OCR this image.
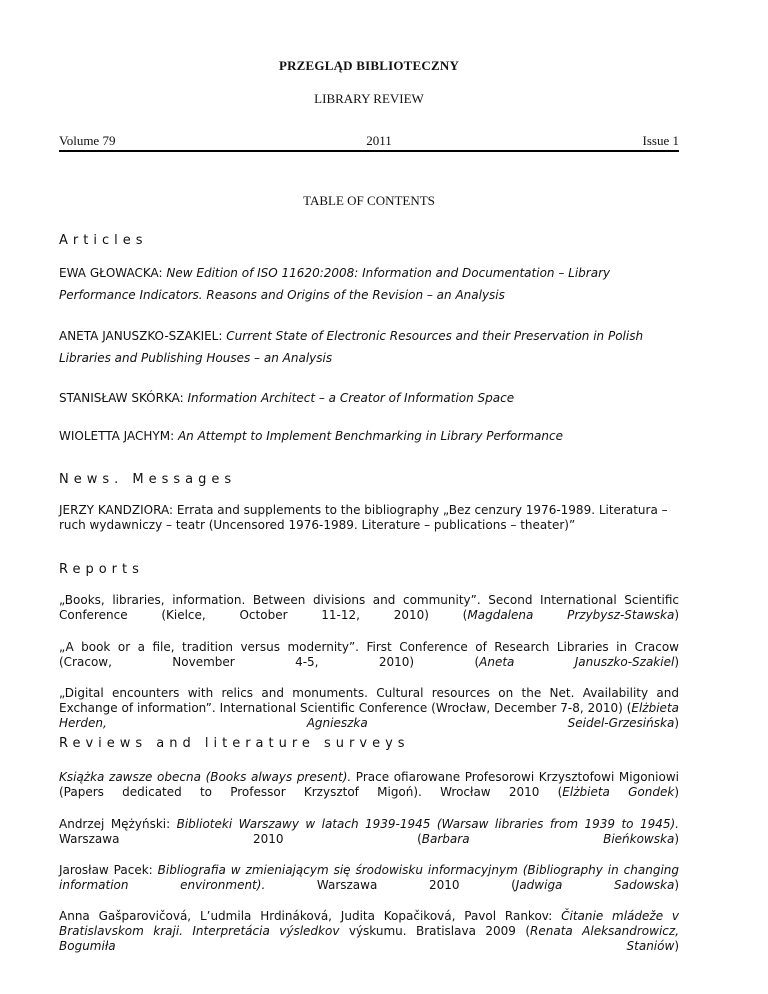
PRZEGLĄD BIBLIOTECZNY
LIBRARY REVIEW
Volume 79	2011	Issue 1
TABLE OF CONTENTS
Articles
EWA GŁOWACKA: New Edition of ISO 11620:2008: Information and Documentation – Library Performance Indicators. Reasons and Origins of the Revision – an Analysis
ANETA JANUSZKO-SZAKIEL: Current State of Electronic Resources and their Preservation in Polish Libraries and Publishing Houses – an Analysis
STANISŁAW SKÓRKA: Information Architect – a Creator of Information Space
WIOLETTA JACHYM: An Attempt to Implement Benchmarking in Library Performance
News. Messages
JERZY KANDZIORA: Errata and supplements to the bibliography „Bez cenzury 1976-1989. Literatura – ruch wydawniczy – teatr (Uncensored 1976-1989. Literature – publications – theater)”
Reports
„Books, libraries, information. Between divisions and community”. Second International Scientific Conference (Kielce, October 11-12, 2010) (Magdalena Przybysz-Stawska)
„A book or a file, tradition versus modernity”. First Conference of Research Libraries in Cracow (Cracow, November 4-5, 2010) (Aneta Januszko-Szakiel)
„Digital encounters with relics and monuments. Cultural resources on the Net. Availability and Exchange of information”. International Scientific Conference (Wrocław, December 7-8, 2010) (Elżbieta Herden, Agnieszka Seidel-Grzesińska)
Reviews and literature surveys
Książka zawsze obecna (Books always present). Prace ofiarowane Profesorowi Krzysztofowi Migoniowi (Papers dedicated to Professor Krzysztof Migoń). Wrocław 2010 (Elżbieta Gondek)
Andrzej Mężyński: Biblioteki Warszawy w latach 1939-1945 (Warsaw libraries from 1939 to 1945). Warszawa 2010 (Barbara Bieńkowska)
Jarosław Pacek: Bibliografia w zmieniającym się środowisku informacyjnym (Bibliography in changing information environment). Warszawa 2010 (Jadwiga Sadowska)
Anna Gašparovičová, L’udmila Hrdináková, Judita Kopačiková, Pavol Rankov: Čitanie mládeže v Bratislavskom kraji. Interpretácia výsledkov výskumu. Bratislava 2009 (Renata Aleksandrowicz, Bogumiła Staniów)
